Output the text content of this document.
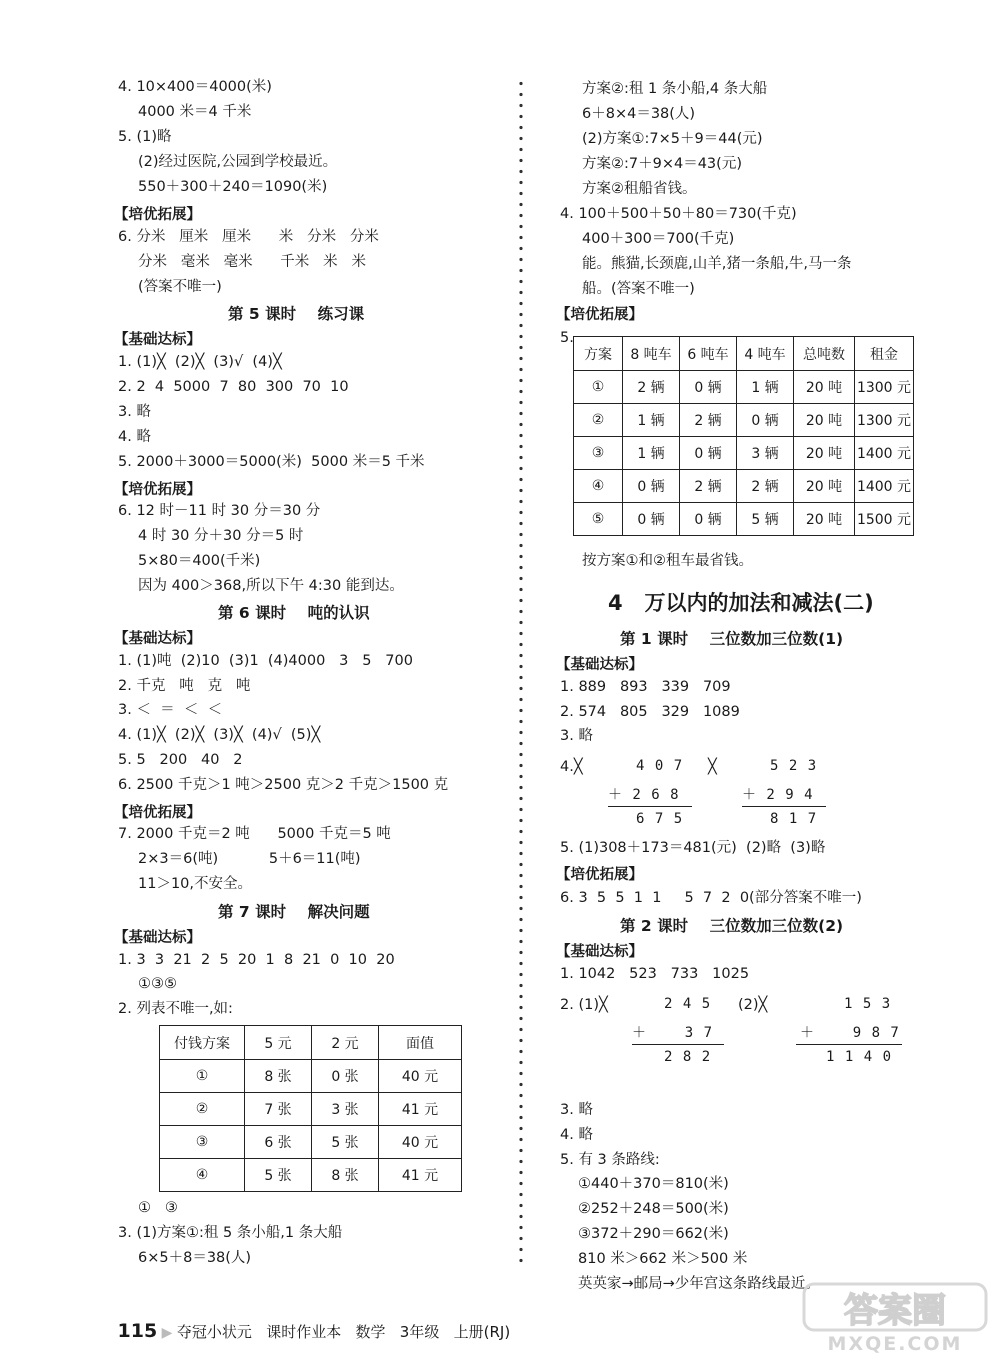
4. 10×400＝4000(米)
4000 米＝4 千米
5. (1)略
(2)经过医院,公园到学校最近。
550＋300＋240＝1090(米)
【培优拓展】
6. 分米   厘米   厘米      米   分米   分米
分米   毫米   毫米      千米   米   米
(答案不唯一)
第 5 课时    练习课
【基础达标】
1. (1)╳  (2)╳  (3)√  (4)╳
2. 2  4  5000  7  80  300  70  10
3. 略
4. 略
5. 2000＋3000＝5000(米)  5000 米＝5 千米
【培优拓展】
6. 12 时－11 时 30 分＝30 分
4 时 30 分＋30 分＝5 时
5×80＝400(千米)
因为 400＞368,所以下午 4:30 能到达。
第 6 课时    吨的认识
【基础达标】
1. (1)吨  (2)10  (3)1  (4)4000   3   5   700
2. 千克   吨   克   吨
3. ＜  ＝  ＜  ＜
4. (1)╳  (2)╳  (3)╳  (4)√  (5)╳
5. 5   200   40   2
6. 2500 千克＞1 吨＞2500 克＞2 千克＞1500 克
【培优拓展】
7. 2000 千克＝2 吨      5000 千克＝5 吨
2×3＝6(吨)           5＋6＝11(吨)
11＞10,不安全。
第 7 课时    解决问题
【基础达标】
1. 3  3  21  2  5  20  1  8  21  0  10  20
①③⑤
2. 列表不唯一,如:
付钱方案	5 元	2 元	面值
①	8 张	0 张	40 元
②	7 张	3 张	41 元
③	6 张	5 张	40 元
④	5 张	8 张	41 元
①   ③
3. (1)方案①:租 5 条小船,1 条大船
6×5＋8＝38(人)
方案②:租 1 条小船,4 条大船
6＋8×4＝38(人)
(2)方案①:7×5＋9＝44(元)
方案②:7＋9×4＝43(元)
方案②租船省钱。
4. 100＋500＋50＋80＝730(千克)
400＋300＝700(千克)
能。熊猫,长颈鹿,山羊,猪一条船,牛,马一条
船。(答案不唯一)
【培优拓展】
5.
方案	8 吨车	6 吨车	4 吨车	总吨数	租金
①	2 辆	0 辆	1 辆	20 吨	1300 元
②	1 辆	2 辆	0 辆	20 吨	1300 元
③	1 辆	0 辆	3 辆	20 吨	1400 元
④	0 辆	2 辆	2 辆	20 吨	1400 元
⑤	0 辆	0 辆	5 辆	20 吨	1500 元
按方案①和②租车最省钱。
4   万以内的加法和减法(二)
第 1 课时    三位数加三位数(1)
【基础达标】
1. 889   893   339   709
2. 574   805   329   1089
3. 略
4.╳	4 0 7
＋ 2 6 8
6 7 5
╳	5 2 3
＋ 2 9 4
8 1 7
5. (1)308＋173＝481(元)  (2)略  (3)略
【培优拓展】
6. 3  5  5  1  1     5  7  2  0(部分答案不唯一)
第 2 课时    三位数加三位数(2)
【基础达标】
1. 1042   523   733   1025
2. (1)╳	2 4 5
＋    3 7
2 8 2
(2)╳	1 5 3
＋    9 8 7
1 1 4 0
3. 略
4. 略
5. 有 3 条路线:
①440＋370＝810(米)
②252＋248＝500(米)
③372＋290＝662(米)
810 米＞662 米＞500 米
英英家→邮局→少年宫这条路线最近。

115 ▶ 夺冠小状元   课时作业本   数学   3年级   上册(RJ)

答案圈
MXQE.COM
